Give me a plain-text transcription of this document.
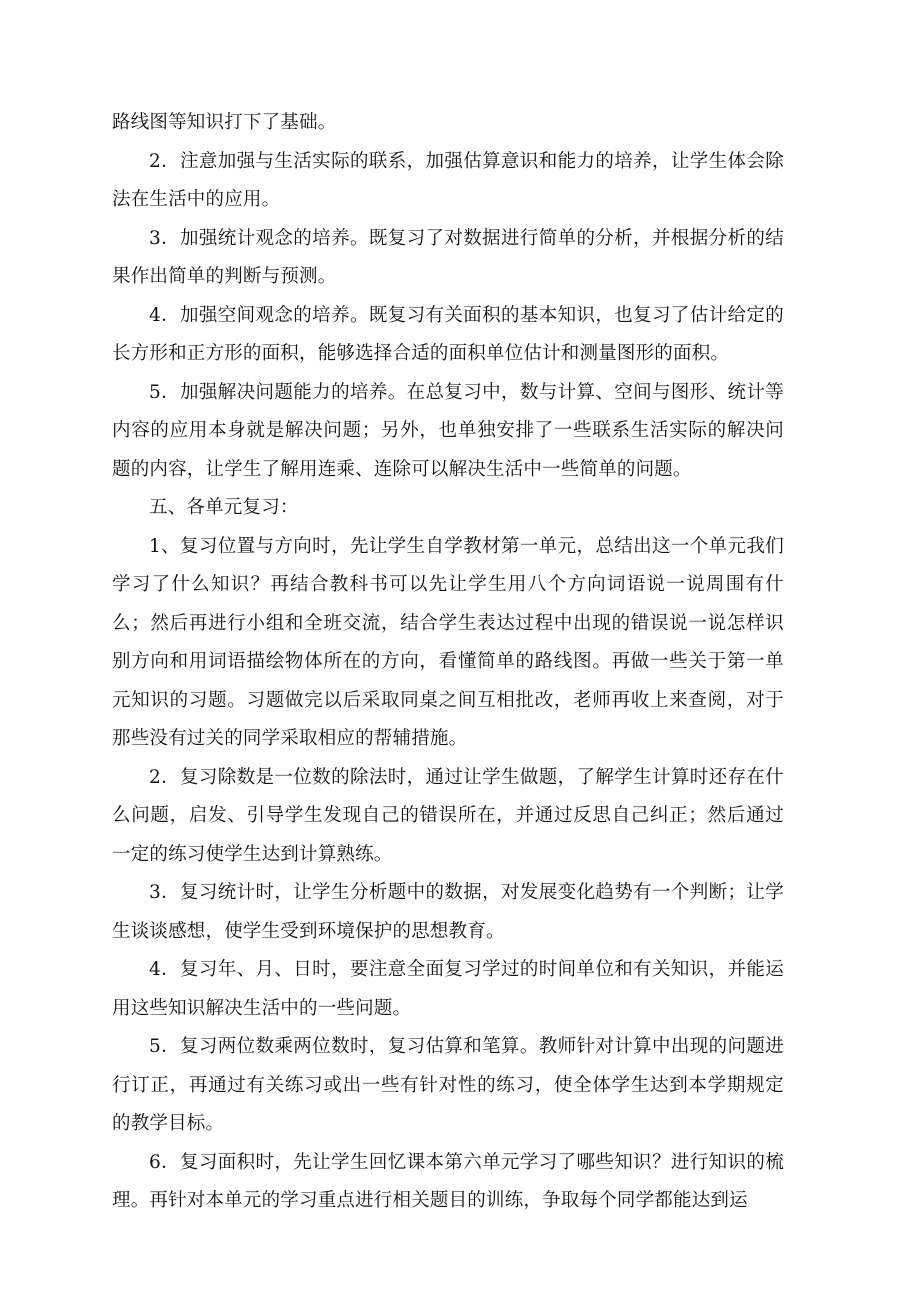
路线图等知识打下了基础。

2．注意加强与生活实际的联系，加强估算意识和能力的培养，让学生体会除法在生活中的应用。

3．加强统计观念的培养。既复习了对数据进行简单的分析，并根据分析的结果作出简单的判断与预测。

4．加强空间观念的培养。既复习有关面积的基本知识，也复习了估计给定的长方形和正方形的面积，能够选择合适的面积单位估计和测量图形的面积。

5．加强解决问题能力的培养。在总复习中，数与计算、空间与图形、统计等内容的应用本身就是解决问题；另外，也单独安排了一些联系生活实际的解决问题的内容，让学生了解用连乘、连除可以解决生活中一些简单的问题。

五、各单元复习：

1、复习位置与方向时，先让学生自学教材第一单元，总结出这一个单元我们学习了什么知识？再结合教科书可以先让学生用八个方向词语说一说周围有什么；然后再进行小组和全班交流，结合学生表达过程中出现的错误说一说怎样识别方向和用词语描绘物体所在的方向，看懂简单的路线图。再做一些关于第一单元知识的习题。习题做完以后采取同桌之间互相批改，老师再收上来查阅，对于那些没有过关的同学采取相应的帮辅措施。

2．复习除数是一位数的除法时，通过让学生做题，了解学生计算时还存在什么问题，启发、引导学生发现自己的错误所在，并通过反思自己纠正；然后通过一定的练习使学生达到计算熟练。

3．复习统计时，让学生分析题中的数据，对发展变化趋势有一个判断；让学生谈谈感想，使学生受到环境保护的思想教育。

4．复习年、月、日时，要注意全面复习学过的时间单位和有关知识，并能运用这些知识解决生活中的一些问题。

5．复习两位数乘两位数时，复习估算和笔算。教师针对计算中出现的问题进行订正，再通过有关练习或出一些有针对性的练习，使全体学生达到本学期规定的教学目标。

6．复习面积时，先让学生回忆课本第六单元学习了哪些知识？进行知识的梳理。再针对本单元的学习重点进行相关题目的训练，争取每个同学都能达到运
